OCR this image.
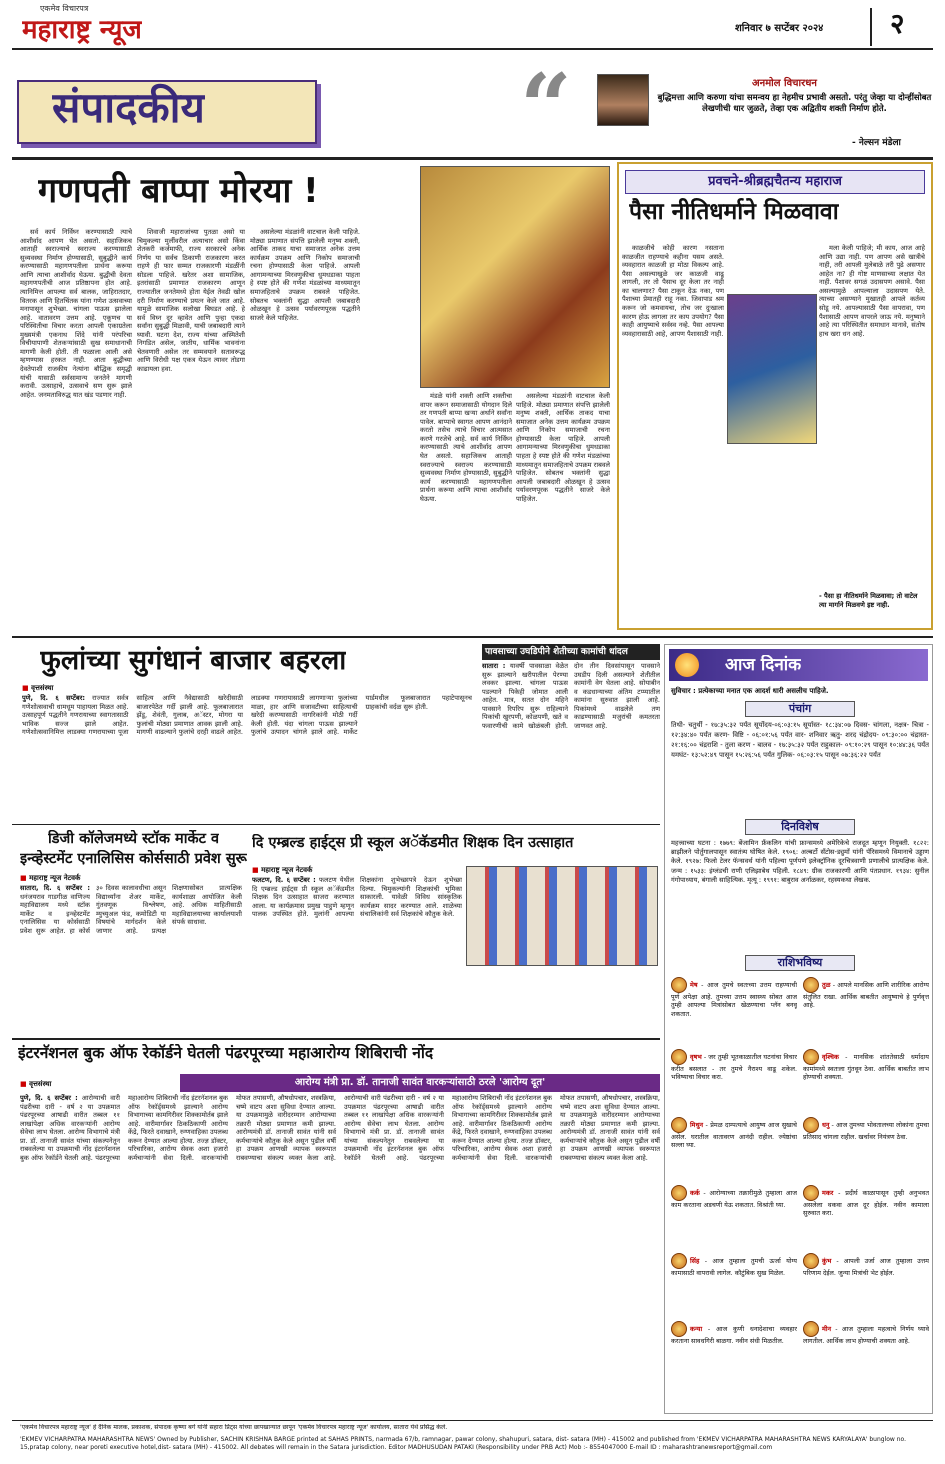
एकमेव विचारपत्र
महाराष्ट्र न्यूज	शनिवार ७ सप्टेंबर २०२४ २
संपादकीय	“	अनमोल विचारधन
बुद्धिमत्ता आणि करुणा यांचा समन्वय हा नेहमीच प्रभावी असतो. परंतु जेव्हा या दोन्हींसोबत लेखणीची धार जुळते, तेव्हा एक अद्वितीय शक्ती निर्माण होते.
- नेल्सन मंडेला
गणपती बाप्पा मोरया !

सर्व कार्य निर्विघ्न करण्यासाठी त्याचे आशीर्वाद आपण घेत असतो. सहाजिकच आताही स्वराज्याचे स्वराज्य करण्यासाठी सुव्यवस्था निर्माण होण्यासाठी, सुबुद्धीने कार्य करण्यासाठी महागणपतीला प्रार्थना करूया आणि त्याचा आशीर्वाद घेऊया. बुद्धीची देवता महागणपतीची आज प्रतिष्ठापना होत आहे. त्यानिमित्त आपल्या सर्व बालक, जाहिरातदार, वितरक आणि हितचिंतक यांना गणेश उत्सवाच्या मनापासून शुभेच्छा. चांगला पाऊस झालेला आहे. वातावरण उत्तम आहे. एकूणच या परिस्थितीचा विचार करता आपली एकाग्रतेला मुख्यमंत्री एकनाथ शिंदे यांनी परंपरिचा विचीयापाणी शेतकऱ्यांसाठी सुख समाधानाची मागणी केली होती. ती फळाला आली असे म्हणण्यास हरकत नाही. आता बुद्धीच्या देवतेपाशी राजकीय नेत्यांना बौद्धिक समृद्धी यांची यासाठी सर्वसामान्य जनतेने मागणी करावी. उत्साहाचे, उत्सवाचे सण सुरू झाले आहेत. जनमताविरुद्ध यात खंड पडणार नाही.

शिवाजी महाराजांच्या पुतळा असो या चिमुकल्या मुलींवरील अत्याचार असो किंवा शेतकरी कर्जमाफी, राज्य सरकारचे अनेक निर्णय या सर्वच ठिकाणी राजकारण करत राहणे ही फार सम्मत राजकारणी मंडळींनी सोडला पाहिजे. खरेतर अशा सामाजिक, इतरांसाठी प्रमाणात राजकारण आणून राज्यातील जनतेमध्ये होता येईल तेवढी खोल दरी निर्माण करण्याचे प्रयत्न केले जात आहे. यामुळे सामाजिक सलोखा बिघडत आहे. हे सर्व विघ्न दूर व्हावेत आणि पुन्हा एकदा सर्वांना सुबुद्धी मिळावी, याची जबाबदारी त्याने घ्यावी. घटना देश, राज्य यांच्या अस्मितेशी निगडित असेल, जातीय, धार्मिक भावनांना चेतवणारी असेल तर सम्मवयाने सतावरूद्ध आणि विरोधी पक्ष एकत्र येऊन त्यावर तोडगा काढायला हवा.

असलेल्या मंडळांनी वाटचाल केली पाहिजे. मोठ्या प्रमाणात संपत्ति झालेली मनुष्य शक्ती, आर्थिक ताकद याचा समाजात अनेक उत्तम कार्यक्रम उपक्रम आणि निकोप समाजाची रचना होण्यासाठी केला पाहिजे. आपली आगामन्याच्या मिरवणुकीचा धुमधडाका पाहता हे स्पष्ट होते की गणेश मंडळांच्या माध्यमातून समाजहिताचे उपक्रम राबवले पाहिजेत. सोबतच भक्तांनी सुद्धा आपली जबाबदारी ओळखून हे उत्सव पर्यावरणपूरक पद्धतीने साजरे केले पाहिजेत.

मंडळे यांनी शक्ती आणि शक्तीचा वापर करून समाजासाठी योगदान दिले तर गणपती बाप्पा खऱ्या अर्थाने सर्वांना पावेल. बाप्पाचे स्वागत आपण आनंदाने करतो तसेच त्याचे विचार आत्मसात करणे गरजेचे आहे. सर्व कार्य निर्विघ्न करण्यासाठी त्याचे आशीर्वाद आपण घेत असतो. सहाजिकच आताही स्वराज्याचे स्वराज्य करण्यासाठी सुव्यवस्था निर्माण होण्यासाठी, सुबुद्धीने कार्य करण्यासाठी महागणपतीला प्रार्थना करूया आणि त्याचा आशीर्वाद घेऊया.

असलेल्या मंडळांनी वाटचाल केली पाहिजे. मोठ्या प्रमाणात संपत्ति झालेली मनुष्य शक्ती, आर्थिक ताकद याचा समाजात अनेक उत्तम कार्यक्रम उपक्रम आणि निकोप समाजाची रचना होण्यासाठी केला पाहिजे. आपली आगामन्याच्या मिरवणुकीचा धुमधडाका पाहता हे स्पष्ट होते की गणेश मंडळांच्या माध्यमातून समाजहिताचे उपक्रम राबवले पाहिजेत. सोबतच भक्तांनी सुद्धा आपली जबाबदारी ओळखून हे उत्सव पर्यावरणपूरक पद्धतीने साजरे केले पाहिजेत.

प्रवचने-श्रीब्रह्मचैतन्य महाराज
पैसा नीतिधर्माने मिळवावा

काळजीचे कोही कारण नसताना काळजीत राहण्याचे कहीना यसम असते. व्यवहारात काळजी हा मोठा विकल्प आहे. पैसा असल्याखुळे जर काळजी वाढू लागली, तर तो पैसाच दूर केला तर नाही का चालणार? पैसा टाकून देऊ नका, पण पैशाच्या प्रेमातही राहू नका. जिवापाड श्रम करून जो कमवायचा, तोच जर दुःखाला कारण होऊ लागला तर काय उपयोग? पैसा काही आयुष्याचे सर्वस्व नव्हे. पैसा आपल्या व्यवहारासाठी आहे, आपण पैशासाठी नाही.

मला केली पाहिजे; मी काय, आज आहे आणि उद्या नाही. पण आपण असे खात्रीचे नाही, तरी आपली मुलेबाळे तरी पुढे असणार आहेत ना? ही गोष्ट माणसाच्या लक्षात येत नाही. पैशावर सगळं उदासपण असावे. पैसा असल्यामुळे आपल्याला उदासपण येते. त्याच्या असण्याने मुखातही आपले कर्तव्य सोडू नये. आपल्यासाठी पैसा वापरावा, पण पैशासाठी आपण वापरले जाऊ नये. मनुष्याने आहे त्या परिस्थितीत समाधान मानावे, संतोष हाच खरा धन आहे.

- पैसा हा नीतिधर्माने मिळवावा; तो वाटेल त्या मार्गाने मिळवणे इष्ट नाही.
फुलांच्या सुगंधानं बाजार बहरला
■ वृत्तसंस्था
पुणे, दि. ६ सप्टेंबर: राज्यात सर्वत्र गणेशोत्सवाची धामधूम पाहायला मिळत आहे. उत्साहपूर्ण पद्धतीने गणरायाच्या स्वागतासाठी भाविक सज्ज झाले आहेत. गणेशोत्सवानिमित्त लाडक्या गणरायाच्या पूजा साहित्य आणि नैवेद्यासाठी खरेदीसाठी बाजारपेठेत गर्दी झाली आहे. फूलबाजारात झेंडू, शेवंती, गुलाब, अॅस्टर, मोगरा या फुलांची मोठ्या प्रमाणात आवक झाली आहे. मागणी वाढल्याने फुलांचे दरही वाढले आहेत. लाडक्या गणरायासाठी लागणाऱ्या फुलांच्या माळा, हार आणि सजावटीच्या साहित्याची खरेदी करण्यासाठी नागरिकांनी मोठी गर्दी केली होती. यंदा चांगला पाऊस झाल्याने फुलांचे उत्पादन चांगले झाले आहे. मार्केट यार्डमधील फूलबाजारात पहाटेपासूनच ग्राहकांची वर्दळ सुरू होती.
पावसाच्या उघडिपीने शेतीच्या कामांची धांदल
सातारा : यावर्षी पावसाळा वेळेत सुरू झाल्याने खरीपातील पेरण्या लवकर झाल्या. चांगला पाऊस पडल्याने पिकेही जोमात आली आहेत. मात्र, सतत दोन महिने पावसाने रिपरिप सुरू राहिल्याने पिकांची खुरपणी, कोळपणी, खते व फवारणीची कामे खोळंबली होती. दोन तीन दिवसांपासून पावसाने उघडीप दिली असल्याने शेतीतील कामांनी वेग घेतला आहे. सोयाबीन व कडधान्याच्या अंतिम टप्प्यातील कामांना सुरुवात झाली आहे. पिकांमध्ये वाढलेले तण काढण्यासाठी मजुरांची कमतरता जाणवत आहे.
आज दिनांक
सुविचार : प्रत्येकाच्या मनात एक आदर्श धारी असलीच पाहिजे.
पंचांग
तिथी- चतुर्थी - १७:३५:३२ पर्यंत सूर्योदय-०६:०३:१५ सूर्यास्त- १८:३४:०७ दिवस- चांगला, नक्षत्र- चित्रा - १२:३४:४० पर्यंत करण- विष्टि - ०६:०१:५६ पर्यंत वार- शनिवार ऋतु- शरद चंद्रोदय- ०९:३०:०० चंद्रास्त- २१:१६:०० चंद्रराशि - तुला करण - बालव - १७:३५:३२ पर्यंत राहुकाल- ०९:१०:२९ पासून १०:४४:३६ पर्यंत यमघंट- १३:५२:४९ पासून १५:२६:५६ पर्यंत गुलिक- ०६:०३:१५ पासून ०७:३६:२२ पर्यंत
दिनविशेष
महत्त्वाच्या घटना : १७७९: बेंजामिन फ्रँकलिन यांची फ्रान्समध्ये अमेरिकेचे राजदूत म्हणून नियुक्ती. १८२२: ब्राझीलने पोर्तुगालपासून स्वातंत्र्य घोषित केले. १९०६: अल्बर्टो सँटोस-ड्युमॉं यांनी पॅरिसमध्ये विमानाचे उड्डाण केले. १९२७: फिलो टेलर फॅन्सवर्थ यांनी पहिल्या पूर्णपणे इलेक्ट्रॉनिक दूरचित्रवाणी प्रणालीचे प्रात्यक्षिक केले. जन्म : १५३३: इंग्लंडची राणी एलिझाबेथ पहिली. १८४९: ग्रीक राजकारणी आणि पंतप्रधान. १९३४: सुनील गंगोपाध्याय, बंगाली साहित्यिक. मृत्यू : १९९१: बाबुराव अर्नाळकर, रहस्यकथा लेखक.
राशिभविष्य
मेष - आज तुमचे स्वतःच्या उत्तम राहण्याची पूर्ण अपेक्षा आहे. तुमच्या उत्तम स्वास्थ्य सोबत आज तुम्ही आपल्या मित्रांसोबत खेळण्याचा प्लॅन बनवू शकतात.
तुळ - आपले मानसिक आणि शारीरिक आरोग्य संतुलित राखा. आर्थिक बाबतीत आयुष्याचे हे पुर्णवृत्त आहे.
वृषभ - जर तुम्ही भूतकाळातील घटनांचा विचार करीत बसलात - तर तुमचे नैराश्य वाढू शकेल. भविष्याचा विचार करा.
वृश्चिक - मानसिक शांततेसाठी धर्मादाय कामांमध्ये स्वतःला गुंतवून ठेवा. आर्थिक बाबतीत लाभ होण्याची शक्यता.
मिथुन - प्रेमळ दाम्पत्याचे आयुष्य आज सुखाचे असेल. घरातील वातावरण आनंदी राहील. ज्येष्ठांचा सल्ला घ्या.
धनु - आज तुमच्या भोवतालच्या लोकांना तुमचा प्रतिसाद चांगला राहील. खर्चावर नियंत्रण ठेवा.
कर्क - आरोग्याच्या तक्रारीमुळे तुम्हाला आज काम करताना अडचणी येऊ शकतात. विश्रांती घ्या.
मकर - प्रदीर्घ काळापासून तुम्ही अनुभवत असलेला थकवा आज दूर होईल. नवीन कामाला सुरुवात करा.
सिंह - आज तुम्हाला तुमची ऊर्जा योग्य कामासाठी वापरावी लागेल. कौटुंबिक सुख मिळेल.
कुंभ - आपली उर्जा आज तुम्हाला उत्तम परिणाम देईल. जुन्या मित्रांची भेट होईल.
कन्या - आज कुणी धनादेशाचा व्यवहार करताना सावधगिरी बाळगा. नवीन संधी मिळतील.
मीन - आज तुम्हाला महत्वाचे निर्णय घ्यावे लागतील. आर्थिक लाभ होण्याची शक्यता आहे.
डिजी कॉलेजमध्ये स्टॉक मार्केट व
इन्व्हेस्टमेंट एनालिसिस कोर्ससाठी प्रवेश सुरू
■ महाराष्ट्र न्यूज नेटवर्क
सातारा, दि. ६ सप्टेंबर : धनंजयराव गाडगीळ वाणिज्य महाविद्यालय मध्ये स्टॉक मार्केट व इन्व्हेस्टमेंट एनालिसिस या कोर्ससाठी प्रवेश सुरू आहेत. हा कोर्स ३० दिवस कालावधीचा असून विद्यार्थ्यांना शेअर मार्केट, गुंतवणूक विश्लेषण, म्युच्युअल फंड, कमोडिटी या विषयांचे मार्गदर्शन केले जाणार आहे. प्रत्यक्ष शिक्षणासोबत प्रात्यक्षिक कार्यशाळा आयोजित केली आहे. अधिक माहितीसाठी महाविद्यालयाच्या कार्यालयाशी संपर्क साधावा.
दि एम्ब्रल्ड हाईट्स प्री स्कूल अॅकॅडमीत शिक्षक दिन उत्साहात
■ महाराष्ट्र न्यूज नेटवर्क
फलटण, दि. ६ सप्टेंबर : फलटण येथील दि एम्ब्रल्ड हाईट्स प्री स्कूल अॅकॅडमीत शिक्षक दिन उत्साहात साजरा करण्यात आला. या कार्यक्रमास प्रमुख पाहुणे म्हणून पालक उपस्थित होते. मुलांनी आपल्या शिक्षकांना शुभेच्छापत्रे देऊन शुभेच्छा दिल्या. चिमुकल्यांनी शिक्षकांची भूमिका साकारली. यावेळी विविध सांस्कृतिक कार्यक्रम सादर करण्यात आले. शाळेच्या संचालिकांनी सर्व शिक्षकांचे कौतुक केले.
इंटरनॅशनल बुक ऑफ रेकॉर्डने घेतली पंढरपूरच्या महाआरोग्य शिबिराची नोंद
आरोग्य मंत्री प्रा. डॉ. तानाजी सावंत वारकऱ्यांसाठी ठरले 'आरोग्य दूत'
■ वृत्तसंस्था
पुणे, दि. ६ सप्टेंबर : आरोग्याची वारी पंढरीच्या दारी - वर्ष २ या उपक्रमात पंढरपूरच्या आषाढी वारीत तब्बल ११ लाखांपेक्षा अधिक वारकऱ्यांनी आरोग्य सेवेचा लाभ घेतला. आरोग्य विभागाचे मंत्री प्रा. डॉ. तानाजी सावंत यांच्या संकल्पनेतून राबवलेल्या या उपक्रमाची नोंद इंटरनॅशनल बुक ऑफ रेकॉर्डने घेतली आहे. पंढरपूरच्या महाआरोग्य शिबिराची नोंद इंटरनॅशनल बुक ऑफ रेकॉर्ड्समध्ये झाल्याने आरोग्य विभागाच्या कामगिरीवर शिक्कामोर्तब झाले आहे. वारीमार्गावर ठिकठिकाणी आरोग्य केंद्रे, फिरते दवाखाने, रुग्णवाहिका उपलब्ध करून देण्यात आल्या होत्या. तज्ज्ञ डॉक्टर, परिचारिका, आरोग्य सेवक अशा हजारो कर्मचाऱ्यांनी सेवा दिली. वारकऱ्यांची मोफत तपासणी, औषधोपचार, शस्त्रक्रिया, चष्मे वाटप अशा सुविधा देण्यात आल्या. या उपक्रमामुळे वारीदरम्यान आरोग्याच्या तक्रारी मोठ्या प्रमाणात कमी झाल्या. आरोग्यमंत्री डॉ. तानाजी सावंत यांनी सर्व कर्मचाऱ्यांचे कौतुक केले असून पुढील वर्षी हा उपक्रम आणखी व्यापक स्वरूपात राबवण्याचा संकल्प व्यक्त केला आहे. आरोग्याची वारी पंढरीच्या दारी - वर्ष २ या उपक्रमात पंढरपूरच्या आषाढी वारीत तब्बल ११ लाखांपेक्षा अधिक वारकऱ्यांनी आरोग्य सेवेचा लाभ घेतला. आरोग्य विभागाचे मंत्री प्रा. डॉ. तानाजी सावंत यांच्या संकल्पनेतून राबवलेल्या या उपक्रमाची नोंद इंटरनॅशनल बुक ऑफ रेकॉर्डने घेतली आहे. पंढरपूरच्या महाआरोग्य शिबिराची नोंद इंटरनॅशनल बुक ऑफ रेकॉर्ड्समध्ये झाल्याने आरोग्य विभागाच्या कामगिरीवर शिक्कामोर्तब झाले आहे. वारीमार्गावर ठिकठिकाणी आरोग्य केंद्रे, फिरते दवाखाने, रुग्णवाहिका उपलब्ध करून देण्यात आल्या होत्या. तज्ज्ञ डॉक्टर, परिचारिका, आरोग्य सेवक अशा हजारो कर्मचाऱ्यांनी सेवा दिली. वारकऱ्यांची मोफत तपासणी, औषधोपचार, शस्त्रक्रिया, चष्मे वाटप अशा सुविधा देण्यात आल्या. या उपक्रमामुळे वारीदरम्यान आरोग्याच्या तक्रारी मोठ्या प्रमाणात कमी झाल्या. आरोग्यमंत्री डॉ. तानाजी सावंत यांनी सर्व कर्मचाऱ्यांचे कौतुक केले असून पुढील वर्षी हा उपक्रम आणखी व्यापक स्वरूपात राबवण्याचा संकल्प व्यक्त केला आहे.
'एकमेव विचारपत्र महाराष्ट्र न्यूज' हे दैनिक मालक, प्रकाशक, संपादक कृष्णा बर्गे यांनी सहारा प्रिंट्स यांच्या छापखान्यात छापून 'एकमेव विचारपत्र महाराष्ट्र न्यूज' कार्यालय, सातारा येथे प्रसिद्ध केले.
'EKMEV VICHARPATRA MAHARASHTRA NEWS' Owned by Publisher, SACHIN KRISHNA BARGE printed at SAHAS PRINTS, narmada 67/b, ramnagar, pawar colony, shahupuri, satara, dist- satara (MH) - 415002 and published from 'EKMEV VICHARPATRA MAHARASHTRA NEWS KARYALAYA' bunglow no. 15,pratap colony, near poreti executive hotel,dist- satara (MH) - 415002. All debates will remain in the Satara jurisdiction. Editor MADHUSUDAN PATAKI (Responsibility under PRB Act) Mob :- 8554047000 E-mail ID : maharashtranewsreport@gmail.com
